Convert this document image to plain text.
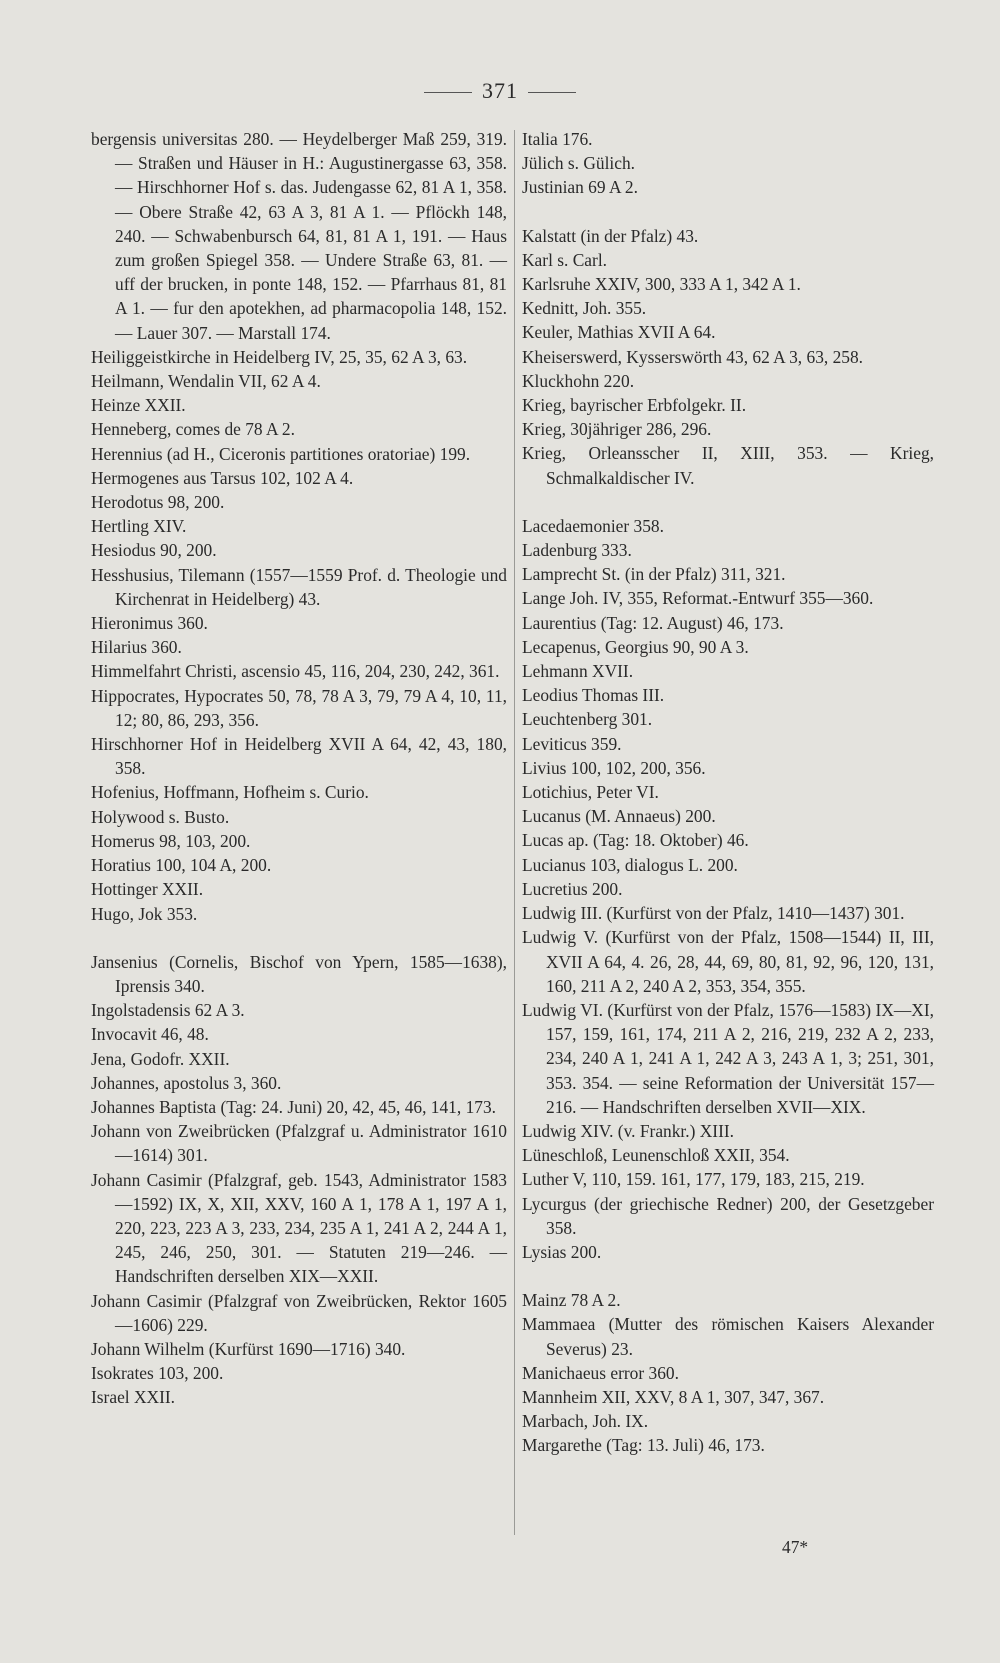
371
bergensis universitas 280. — Heydelberger Maß 259, 319. — Straßen und Häuser in H.: Augustinergasse 63, 358. — Hirschhorner Hof s. das. Judengasse 62, 81 A 1, 358. — Obere Straße 42, 63 A 3, 81 A 1. — Pflöckh 148, 240. — Schwabenbursch 64, 81, 81 A 1, 191. — Haus zum großen Spiegel 358. — Undere Straße 63, 81. — uff der brucken, in ponte 148, 152. — Pfarrhaus 81, 81 A 1. — fur den apotekhen, ad pharmacopolia 148, 152. — Lauer 307. — Marstall 174.
Heiliggeistkirche in Heidelberg IV, 25, 35, 62 A 3, 63.
Heilmann, Wendalin VII, 62 A 4.
Heinze XXII.
Henneberg, comes de 78 A 2.
Herennius (ad H., Ciceronis partitiones oratoriae) 199.
Hermogenes aus Tarsus 102, 102 A 4.
Herodotus 98, 200.
Hertling XIV.
Hesiodus 90, 200.
Hesshusius, Tilemann (1557—1559 Prof. d. Theologie und Kirchenrat in Heidelberg) 43.
Hieronimus 360.
Hilarius 360.
Himmelfahrt Christi, ascensio 45, 116, 204, 230, 242, 361.
Hippocrates, Hypocrates 50, 78, 78 A 3, 79, 79 A 4, 10, 11, 12; 80, 86, 293, 356.
Hirschhorner Hof in Heidelberg XVII A 64, 42, 43, 180, 358.
Hofenius, Hoffmann, Hofheim s. Curio.
Holywood s. Busto.
Homerus 98, 103, 200.
Horatius 100, 104 A, 200.
Hottinger XXII.
Hugo, Jok 353.
Jansenius (Cornelis, Bischof von Ypern, 1585—1638), Iprensis 340.
Ingolstadensis 62 A 3.
Invocavit 46, 48.
Jena, Godofr. XXII.
Johannes, apostolus 3, 360.
Johannes Baptista (Tag: 24. Juni) 20, 42, 45, 46, 141, 173.
Johann von Zweibrücken (Pfalzgraf u. Administrator 1610—1614) 301.
Johann Casimir (Pfalzgraf, geb. 1543, Administrator 1583—1592) IX, X, XII, XXV, 160 A 1, 178 A 1, 197 A 1, 220, 223, 223 A 3, 233, 234, 235 A 1, 241 A 2, 244 A 1, 245, 246, 250, 301. — Statuten 219—246. — Handschriften derselben XIX—XXII.
Johann Casimir (Pfalzgraf von Zweibrücken, Rektor 1605—1606) 229.
Johann Wilhelm (Kurfürst 1690—1716) 340.
Isokrates 103, 200.
Israel XXII.
Italia 176.
Jülich s. Gülich.
Justinian 69 A 2.
Kalstatt (in der Pfalz) 43.
Karl s. Carl.
Karlsruhe XXIV, 300, 333 A 1, 342 A 1.
Kednitt, Joh. 355.
Keuler, Mathias XVII A 64.
Kheiserswerd, Kysserswörth 43, 62 A 3, 63, 258.
Kluckhohn 220.
Krieg, bayrischer Erbfolgekr. II.
Krieg, 30jähriger 286, 296.
Krieg, Orleansscher II, XIII, 353. — Krieg, Schmalkaldischer IV.
Lacedaemonier 358.
Ladenburg 333.
Lamprecht St. (in der Pfalz) 311, 321.
Lange Joh. IV, 355, Reformat.-Entwurf 355—360.
Laurentius (Tag: 12. August) 46, 173.
Lecapenus, Georgius 90, 90 A 3.
Lehmann XVII.
Leodius Thomas III.
Leuchtenberg 301.
Leviticus 359.
Livius 100, 102, 200, 356.
Lotichius, Peter VI.
Lucanus (M. Annaeus) 200.
Lucas ap. (Tag: 18. Oktober) 46.
Lucianus 103, dialogus L. 200.
Lucretius 200.
Ludwig III. (Kurfürst von der Pfalz, 1410—1437) 301.
Ludwig V. (Kurfürst von der Pfalz, 1508—1544) II, III, XVII A 64, 4. 26, 28, 44, 69, 80, 81, 92, 96, 120, 131, 160, 211 A 2, 240 A 2, 353, 354, 355.
Ludwig VI. (Kurfürst von der Pfalz, 1576—1583) IX—XI, 157, 159, 161, 174, 211 A 2, 216, 219, 232 A 2, 233, 234, 240 A 1, 241 A 1, 242 A 3, 243 A 1, 3; 251, 301, 353. 354. — seine Reformation der Universität 157—216. — Handschriften derselben XVII—XIX.
Ludwig XIV. (v. Frankr.) XIII.
Lüneschloß, Leunenschloß XXII, 354.
Luther V, 110, 159. 161, 177, 179, 183, 215, 219.
Lycurgus (der griechische Redner) 200, der Gesetzgeber 358.
Lysias 200.
Mainz 78 A 2.
Mammaea (Mutter des römischen Kaisers Alexander Severus) 23.
Manichaeus error 360.
Mannheim XII, XXV, 8 A 1, 307, 347, 367.
Marbach, Joh. IX.
Margarethe (Tag: 13. Juli) 46, 173.
47*
